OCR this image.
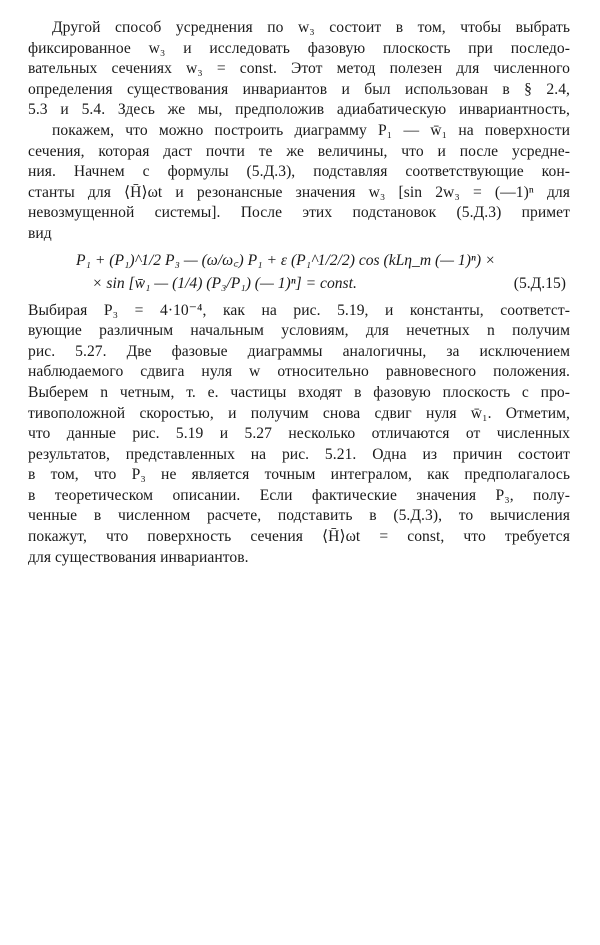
Другой способ усреднения по w₃ состоит в том, чтобы выбрать
фиксированное w₃ и исследовать фазовую плоскость при последо-
вательных сечениях w₃ = const. Этот метод полезен для численного
определения существования инвариантов и был использован в § 2.4,
5.3 и 5.4. Здесь же мы, предположив адиабатическую инвариантность,
покажем, что можно построить диаграмму P₁ — w̄₁ на поверхности
сечения, которая даст почти те же величины, что и после усредне-
ния. Начнем с формулы (5.Д.3), подставляя соответствующие кон-
станты для ⟨H̄⟩ωt и резонансные значения w₃ [sin 2w₃ = (—1)ⁿ для
невозмущенной системы]. После этих подстановок (5.Д.3) примет
вид
P₁ + (P₁)^1/2 P₃ — (ω/ω꜀) P₁ + ε (P₁^1/2/2) cos (kLη_m (— 1)ⁿ) ×
× sin [w̄₁ — (1/4) (P₃/P₁) (— 1)ⁿ] = const.	(5.Д.15)
Выбирая P₃ = 4·10⁻⁴, как на рис. 5.19, и константы, соответст-
вующие различным начальным условиям, для нечетных n получим
рис. 5.27. Две фазовые диаграммы аналогичны, за исключением
наблюдаемого сдвига нуля w относительно равновесного положения.
Выберем n четным, т. е. частицы входят в фазовую плоскость с про-
тивоположной скоростью, и получим снова сдвиг нуля w̄₁. Отметим,
что данные рис. 5.19 и 5.27 несколько отличаются от численных
результатов, представленных на рис. 5.21. Одна из причин состоит
в том, что P₃ не является точным интегралом, как предполагалось
в теоретическом описании. Если фактические значения P₃, полу-
ченные в численном расчете, подставить в (5.Д.3), то вычисления
покажут, что поверхность сечения ⟨H̄⟩ωt = const, что требуется
для существования инвариантов.
